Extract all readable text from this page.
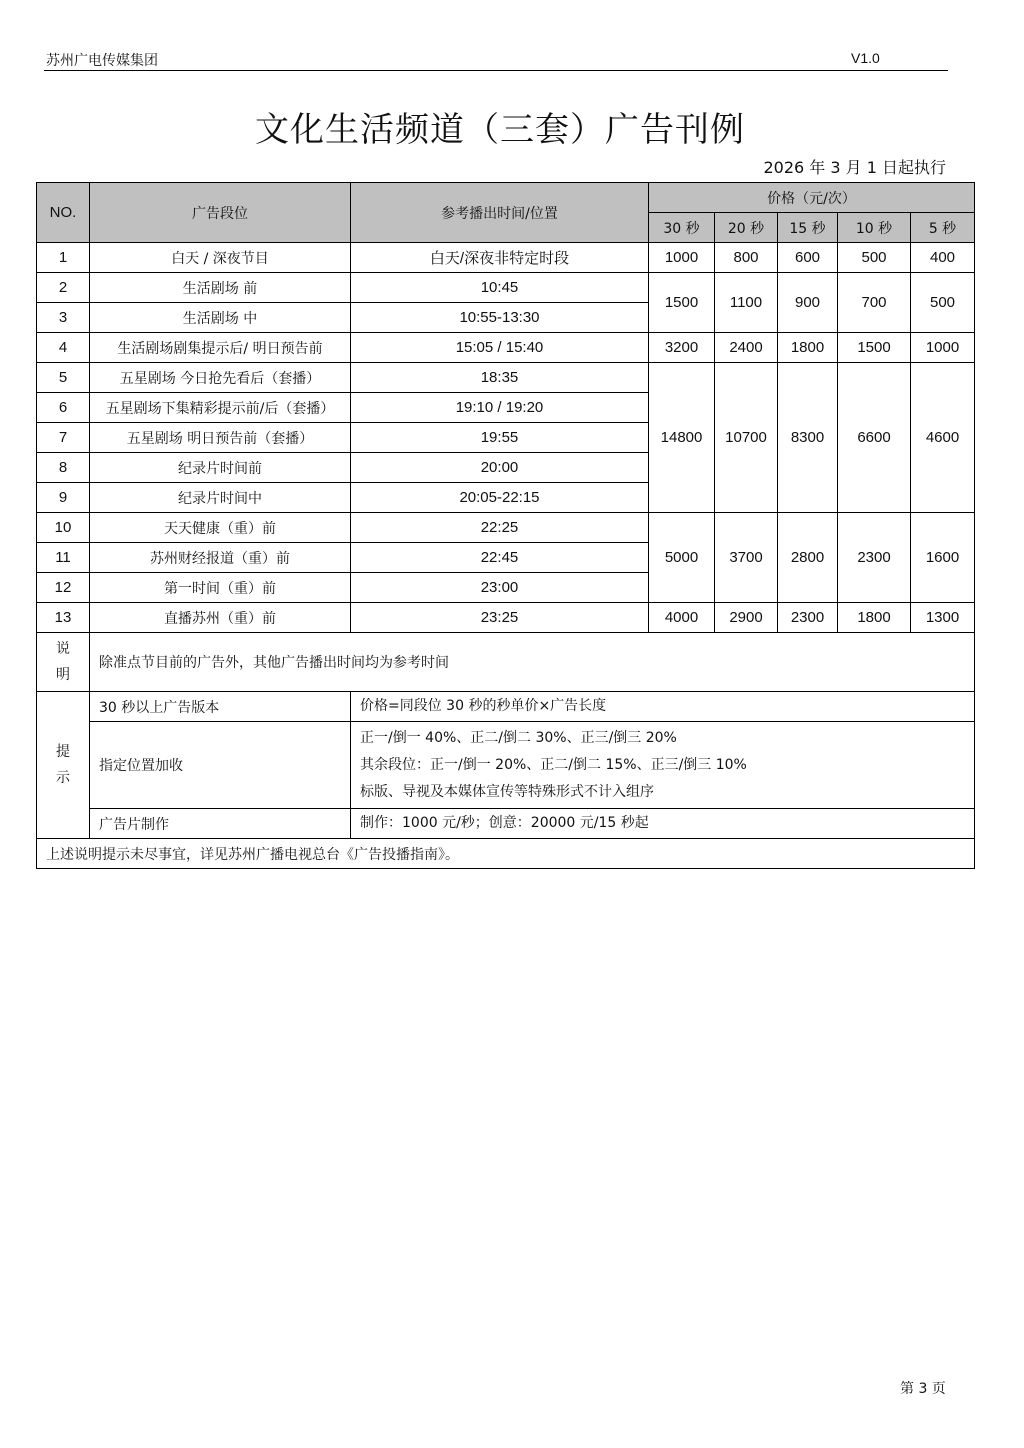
苏州广电传媒集团	V1.0
文化生活频道（三套）广告刊例
2026 年 3 月 1 日起执行
NO.	广告段位	参考播出时间/位置	价格（元/次）				
			30 秒	20 秒	15 秒	10 秒	5 秒
1	白天 / 深夜节目	白天/深夜非特定时段	1000	800	600	500	400
2	生活剧场 前	10:45	1500	1100	900	700	500
3	生活剧场 中	10:55-13:30					
4	生活剧场剧集提示后/ 明日预告前	15:05 / 15:40	3200	2400	1800	1500	1000
5	五星剧场 今日抢先看后（套播）	18:35	14800	10700	8300	6600	4600
6	五星剧场下集精彩提示前/后（套播）	19:10 / 19:20					
7	五星剧场 明日预告前（套播）	19:55					
8	纪录片时间前	20:00					
9	纪录片时间中	20:05-22:15					
10	天天健康（重）前	22:25	5000	3700	2800	2300	1600
11	苏州财经报道（重）前	22:45					
12	第一时间（重）前	23:00					
13	直播苏州（重）前	23:25	4000	2900	2300	1800	1300

说
明	除准点节目前的广告外，其他广告播出时间均为参考时间						

提
示	30 秒以上广告版本	价格=同段位 30 秒的秒单价×广告长度					

	指定位置加收	正一/倒一 40%、正二/倒二 30%、正三/倒三 20%
其余段位：正一/倒一 20%、正二/倒二 15%、正三/倒三 10%
标版、导视及本媒体宣传等特殊形式不计入组序					

	广告片制作	制作：1000 元/秒；创意：20000 元/15 秒起					

上述说明提示未尽事宜，详见苏州广播电视总台《广告投播指南》。							
第 3 页
